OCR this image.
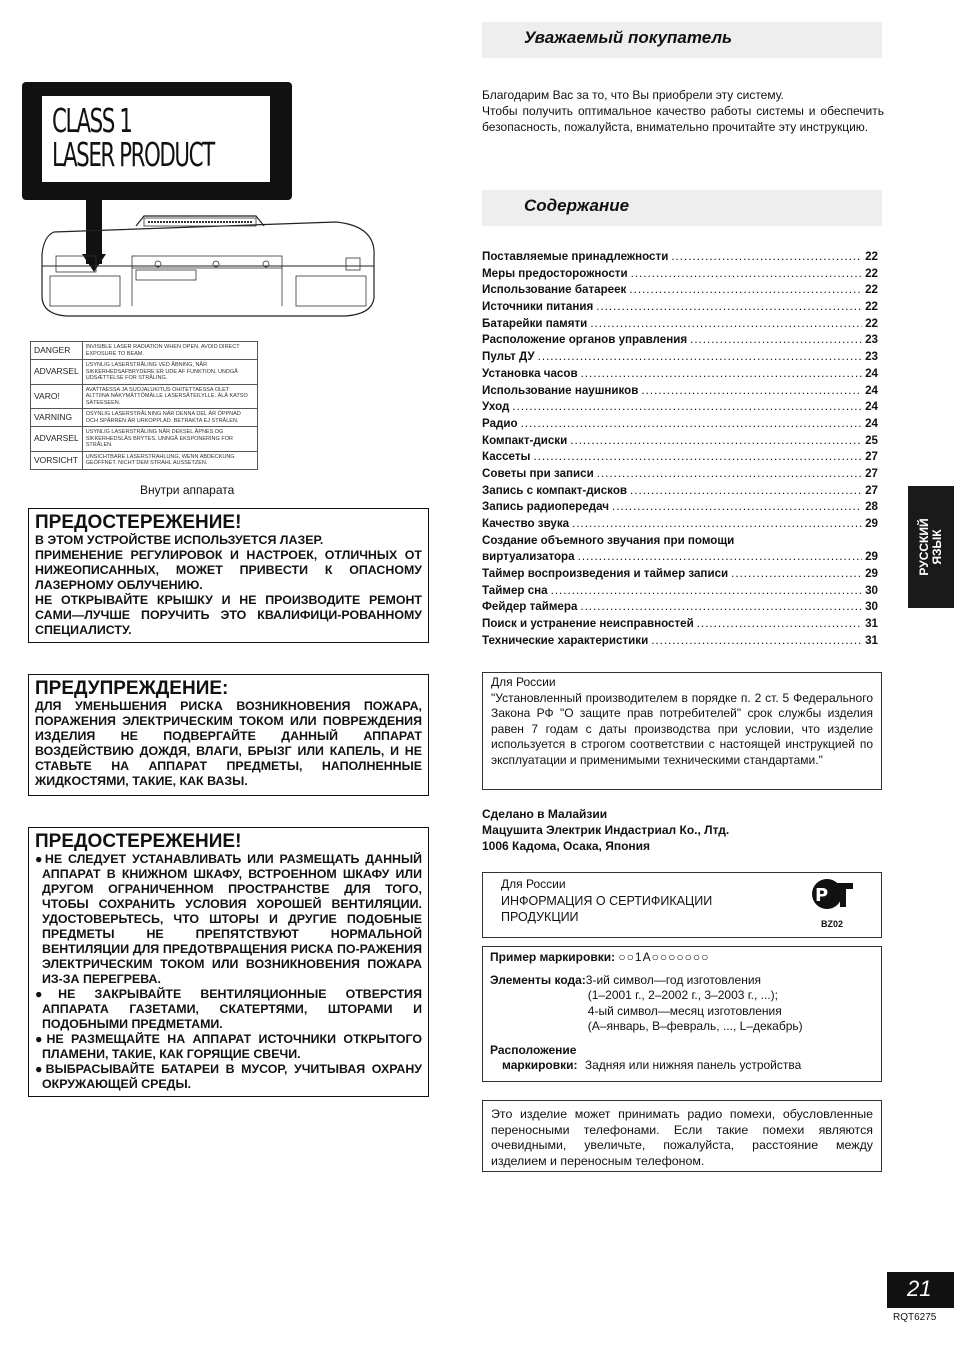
CLASS 1
LASER PRODUCT
DANGER	INVISIBLE LASER RADIATION WHEN OPEN. AVOID DIRECT EXPOSURE TO BEAM.
ADVARSEL	USYNLIG LASERSTRÅLING VED ÅBNING, NÅR SIKKERHEDSAFBRYDERE ER UDE AF FUNKTION. UNDGÅ UDSÆTTELSE FOR STRÅLING.
VARO!	AVATTAESSA JA SUOJALUKITUS OHITETTAESSA OLET ALTTIINA NÄKYMÄTTÖMÄLLE LASERSÄTEILYLLE. ÄLÄ KATSO SÄTEESEEN.
VARNING	OSYNLIG LASERSTRÅLNING NÄR DENNA DEL ÄR ÖPPNAD OCH SPÄRREN ÄR URKOPPLAD. BETRAKTA EJ STRÅLEN.
ADVARSEL	USYNLIG LASERSTRÅLING NÅR DEKSEL ÅPNES OG SIKKERHEDSLÅS BRYTES. UNNGÅ EKSPONERING FOR STRÅLEN.
VORSICHT	UNSICHTBARE LASERSTRAHLUNG, WENN ABDECKUNG GEÖFFNET. NICHT DEM STRAHL AUSSETZEN.
Внутри аппарата
ПРЕДОСТЕРЕЖЕНИЕ!

В ЭТОМ УСТРОЙСТВЕ ИСПОЛЬЗУЕТСЯ ЛАЗЕР.

ПРИМЕНЕНИЕ РЕГУЛИРОВОК И НАСТРОЕК, ОТЛИЧНЫХ ОТ НИЖЕОПИСАННЫХ, МОЖЕТ ПРИВЕСТИ К ОПАСНОМУ ЛАЗЕРНОМУ ОБЛУЧЕНИЮ.

НЕ ОТКРЫВАЙТЕ КРЫШКУ И НЕ ПРОИЗВОДИТЕ РЕМОНТ САМИ—ЛУЧШЕ ПОРУЧИТЬ ЭТО КВАЛИФИЦИ-РОВАННОМУ СПЕЦИАЛИСТУ.

ПРЕДУПРЕЖДЕНИЕ:

ДЛЯ УМЕНЬШЕНИЯ РИСКА ВОЗНИКНОВЕНИЯ ПОЖАРА, ПОРАЖЕНИЯ ЭЛЕКТРИЧЕСКИМ ТОКОМ ИЛИ ПОВРЕЖДЕНИЯ ИЗДЕЛИЯ НЕ ПОДВЕРГАЙТЕ ДАННЫЙ АППАРАТ ВОЗДЕЙСТВИЮ ДОЖДЯ, ВЛАГИ, БРЫЗГ ИЛИ КАПЕЛЬ, И НЕ СТАВЬТЕ НА АППАРАТ ПРЕДМЕТЫ, НАПОЛНЕННЫЕ ЖИДКОСТЯМИ, ТАКИЕ, КАК ВАЗЫ.

ПРЕДОСТЕРЕЖЕНИЕ!

●НЕ СЛЕДУЕТ УСТАНАВЛИВАТЬ ИЛИ РАЗМЕЩАТЬ ДАННЫЙ АППАРАТ В КНИЖНОМ ШКАФУ, ВСТРОЕННОМ ШКАФУ ИЛИ ДРУГОМ ОГРАНИЧЕННОМ ПРОСТРАНСТВЕ ДЛЯ ТОГО, ЧТОБЫ СОХРАНИТЬ УСЛОВИЯ ХОРОШЕЙ ВЕНТИЛЯЦИИ. УДОСТОВЕРЬТЕСЬ, ЧТО ШТОРЫ И ДРУГИЕ ПОДОБНЫЕ ПРЕДМЕТЫ НЕ ПРЕПЯТСТВУЮТ НОРМАЛЬНОЙ ВЕНТИЛЯЦИИ ДЛЯ ПРЕДОТВРАЩЕНИЯ РИСКА ПО-РАЖЕНИЯ ЭЛЕКТРИЧЕСКИМ ТОКОМ ИЛИ ВОЗНИКНОВЕНИЯ ПОЖАРА ИЗ-ЗА ПЕРЕГРЕВА.

●НЕ ЗАКРЫВАЙТЕ ВЕНТИЛЯЦИОННЫЕ ОТВЕРСТИЯ АППАРАТА ГАЗЕТАМИ, СКАТЕРТЯМИ, ШТОРАМИ И ПОДОБНЫМИ ПРЕДМЕТАМИ.

●НЕ РАЗМЕЩАЙТЕ НА АППАРАТ ИСТОЧНИКИ ОТКРЫТОГО ПЛАМЕНИ, ТАКИЕ, КАК ГОРЯЩИЕ СВЕЧИ.

●ВЫБРАСЫВАЙТЕ БАТАРЕИ В МУСОР, УЧИТЫВАЯ ОХРАНУ ОКРУЖАЮЩЕЙ СРЕДЫ.

Уважаемый покупатель
Благодарим Вас за то, что Вы приобрели эту систему.
Чтобы получить оптимальное качество работы системы и обеспечить безопасность, пожалуйста, внимательно прочитайте эту инструкцию.
Содержание
Поставляемые принадлежности .....	22
Меры предосторожности .....	22
Использование батареек .....	22
Источники питания .....	22
Батарейки памяти .....	22
Расположение органов управления .....	23
Пульт ДУ .....	23
Установка часов .....	24
Использование наушников .....	24
Уход .....	24
Радио .....	24
Компакт-диски .....	25
Кассеты .....	27
Советы при записи .....	27
Запись с компакт-дисков .....	27
Запись радиопередач .....	28
Качество звука .....	29
Создание объемного звучания при помощи
виртуализатора .....	29
Таймер воспроизведения и таймер записи .....	29
Таймер сна .....	30
Фейдер таймера .....	30
Поиск и устранение неисправностей .....	31
Технические характеристики .....	31
РУССКИЙ ЯЗЫК
Для России
"Установленный производителем в порядке п. 2 ст. 5 Федерального Закона РФ "О защите прав потребителей" срок службы изделия равен 7 годам с даты производства при условии, что изделие используется в строгом соответствии с настоящей инструкцией по эксплуатации и применимыми техническими стандартами."
Сделано в Малайзии
Мацушита Электрик Индастриал Ко., Лтд.
1006 Кадома, Осака, Япония
Для России
ИНФОРМАЦИЯ О СЕРТИФИКАЦИИ
ПРОДУКЦИИ
P
BZ02
Пример маркировки: ○○1A○○○○○○○
Элементы кода: 3-ий символ—год изготовления
(1–2001 г., 2–2002 г., 3–2003 г., ...);
4-ый символ—месяц изготовления
(А–январь, В–февраль, ..., L–декабрь)
Расположение
маркировки: Задняя или нижняя панель устройства
Это изделие может принимать радио помехи, обусловленные переносными телефонами. Если такие помехи являются очевидными, увеличьте, пожалуйста, расстояние между изделием и переносным телефоном.
21
RQT6275
